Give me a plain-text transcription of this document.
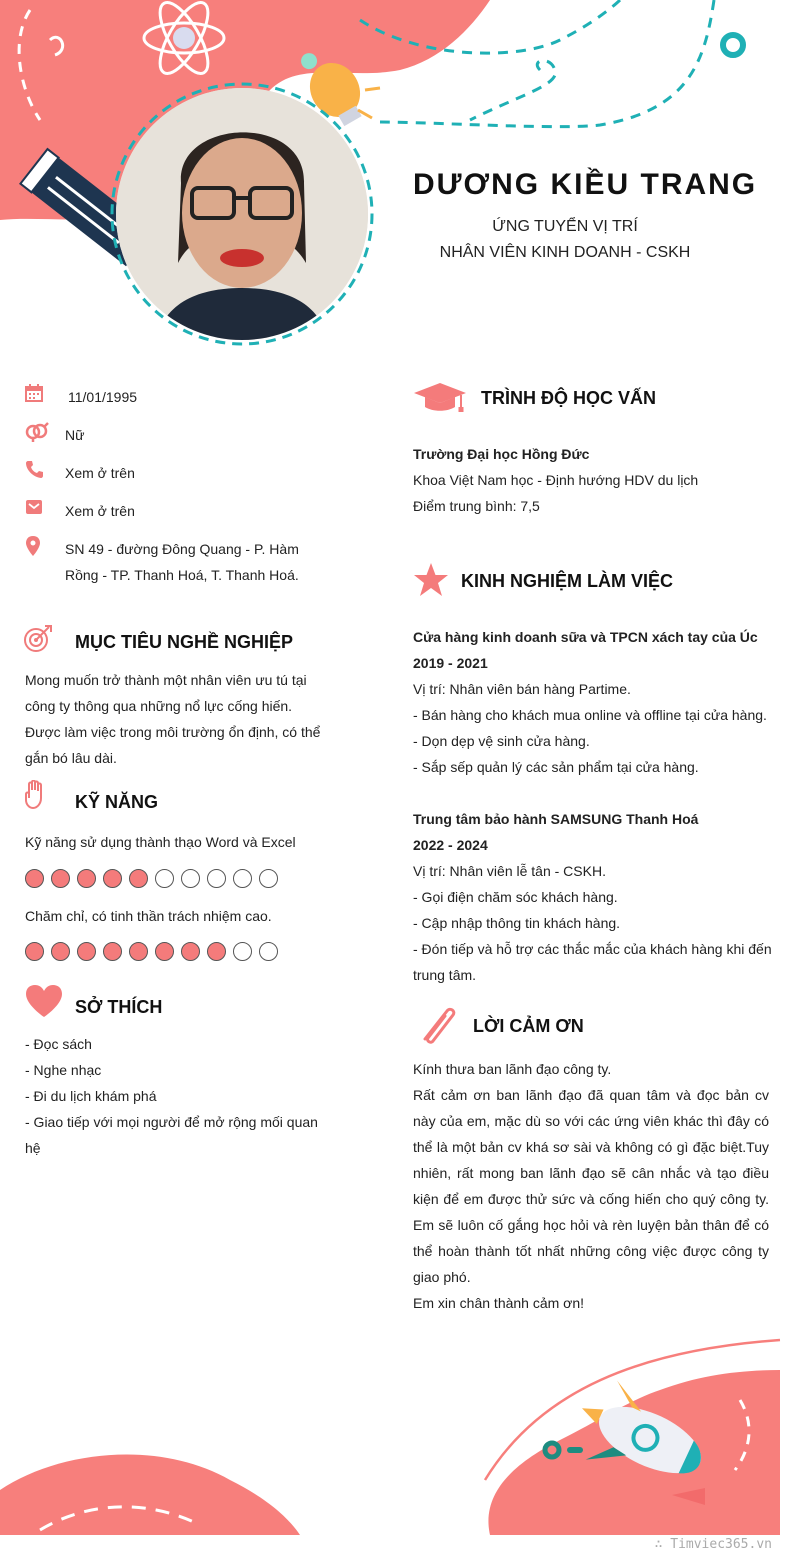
DƯƠNG KIỀU TRANG
ỨNG TUYỂN VỊ TRÍ
NHÂN VIÊN KINH DOANH - CSKH
11/01/1995
Nữ
Xem ở trên
Xem ở trên
SN 49 - đường Đông Quang - P. Hàm Rồng - TP. Thanh Hoá, T. Thanh Hoá.
MỤC TIÊU NGHỀ NGHIỆP
Mong muốn trở thành một nhân viên ưu tú tại công ty thông qua những nổ lực cống hiến. Được làm việc trong môi trường ổn định, có thể gắn bó lâu dài.
KỸ NĂNG
Kỹ năng sử dụng thành thạo Word và Excel
Chăm chỉ, có tinh thần trách nhiệm cao.
SỞ THÍCH
- Đọc sách
- Nghe nhạc
- Đi du lịch khám phá
- Giao tiếp với mọi người để mở rộng mối quan hệ
TRÌNH ĐỘ HỌC VẤN
Trường Đại học Hồng Đức
Khoa Việt Nam học - Định hướng HDV du lịch
Điểm trung bình: 7,5
KINH NGHIỆM LÀM VIỆC
Cửa hàng kinh doanh sữa và TPCN xách tay của Úc
2019 - 2021
Vị trí: Nhân viên bán hàng Partime.
- Bán hàng cho khách mua online và offline tại cửa hàng.
- Dọn dẹp vệ sinh cửa hàng.
- Sắp sếp quản lý các sản phẩm tại cửa hàng.
Trung tâm bảo hành SAMSUNG Thanh Hoá
2022 - 2024
Vị trí: Nhân viên lễ tân - CSKH.
- Gọi điện chăm sóc khách hàng.
- Cập nhập thông tin khách hàng.
- Đón tiếp và hỗ trợ các thắc mắc của khách hàng khi đến trung tâm.
LỜI CẢM ƠN
Kính thưa ban lãnh đạo công ty.
Rất cảm ơn ban lãnh đạo đã quan tâm và đọc bản cv này của em, mặc dù so với các ứng viên khác thì đây có thể là một bản cv khá sơ sài và không có gì đặc biệt.Tuy nhiên, rất mong ban lãnh đạo sẽ cân nhắc và tạo điều kiện để em được thử sức và cống hiến cho quý công ty. Em sẽ luôn cố gắng học hỏi và rèn luyện bản thân để có thể hoàn thành tốt nhất những công việc được công ty giao phó.
Em xin chân thành cảm ơn!
∴ Timviec365.vn
